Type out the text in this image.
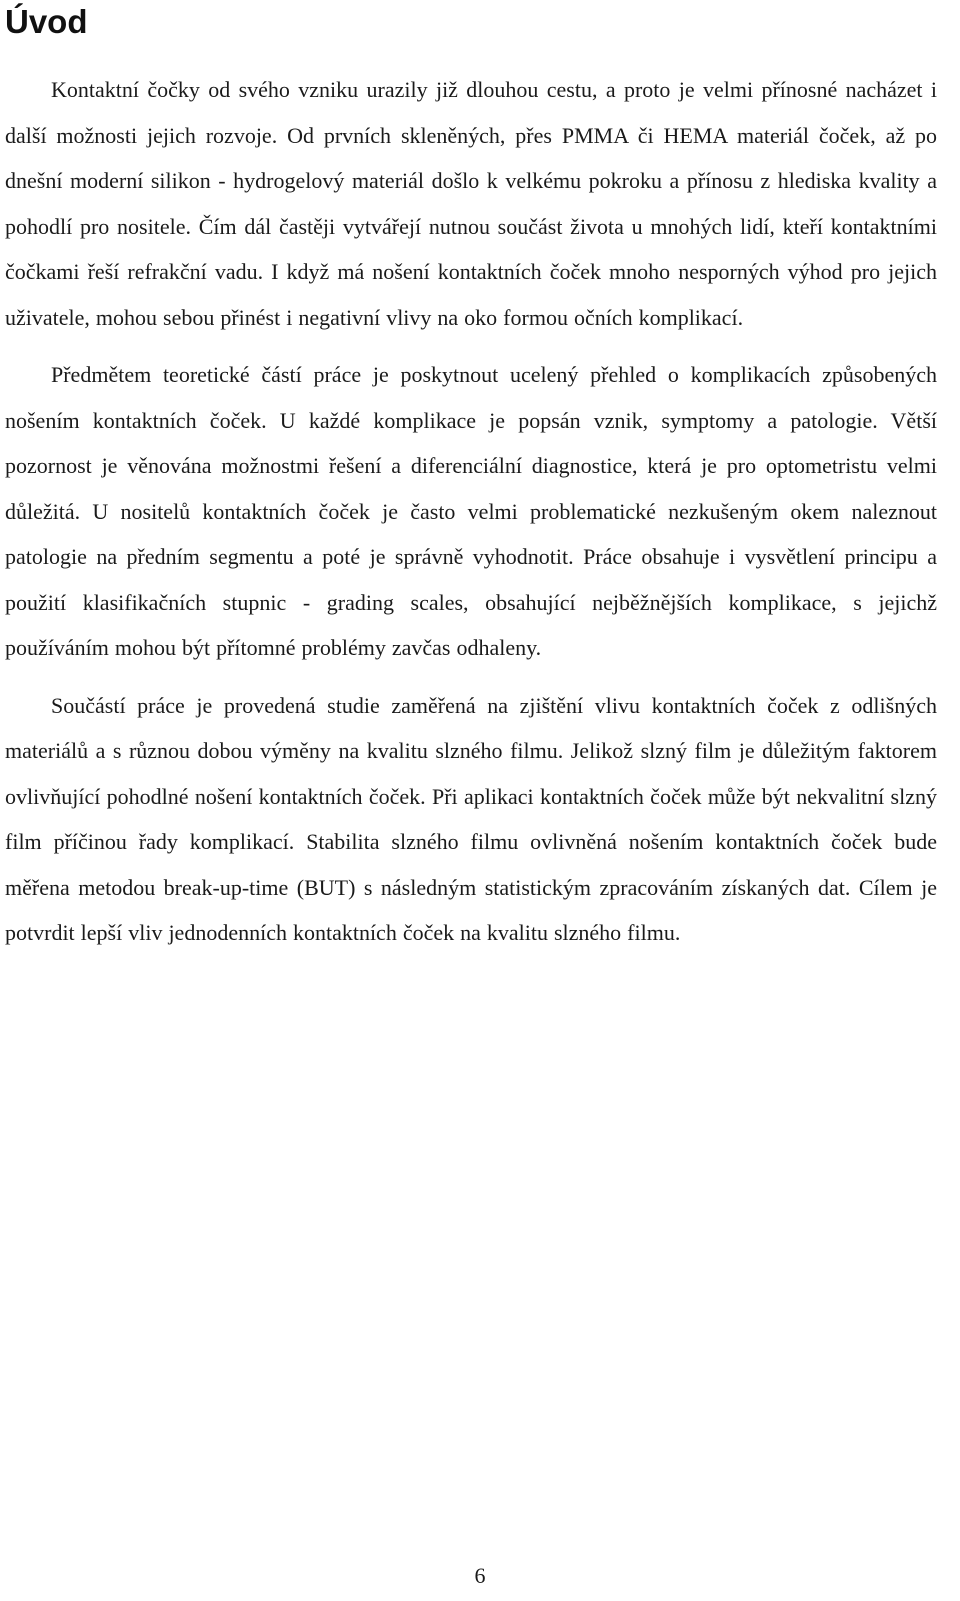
Úvod

Kontaktní čočky od svého vzniku urazily již dlouhou cestu, a proto je velmi přínosné nacházet i další možnosti jejich rozvoje. Od prvních skleněných, přes PMMA či HEMA materiál čoček, až po dnešní moderní silikon - hydrogelový materiál došlo k velkému pokroku a přínosu z hlediska kvality a pohodlí pro nositele. Čím dál častěji vytvářejí nutnou součást života u mnohých lidí, kteří kontaktními čočkami řeší refrakční vadu. I když má nošení kontaktních čoček mnoho nesporných výhod pro jejich uživatele, mohou sebou přinést i negativní vlivy na oko formou očních komplikací.

Předmětem teoretické částí práce je poskytnout ucelený přehled o komplikacích způsobených nošením kontaktních čoček. U každé komplikace je popsán vznik, symptomy a patologie. Větší pozornost je věnována možnostmi řešení a diferenciální diagnostice, která je pro optometristu velmi důležitá. U nositelů kontaktních čoček je často velmi problematické nezkušeným okem naleznout patologie na předním segmentu a poté je správně vyhodnotit. Práce obsahuje i vysvětlení principu a použití klasifikačních stupnic - grading scales, obsahující nejběžnějších komplikace, s jejichž používáním mohou být přítomné problémy zavčas odhaleny.

Součástí práce je provedená studie zaměřená na zjištění vlivu kontaktních čoček z odlišných materiálů a s různou dobou výměny na kvalitu slzného filmu. Jelikož slzný film je důležitým faktorem ovlivňující pohodlné nošení kontaktních čoček. Při aplikaci kontaktních čoček může být nekvalitní slzný film příčinou řady komplikací. Stabilita slzného filmu ovlivněná nošením kontaktních čoček bude měřena metodou break-up-time (BUT) s následným statistickým zpracováním získaných dat. Cílem je potvrdit lepší vliv jednodenních kontaktních čoček na kvalitu slzného filmu.

6
